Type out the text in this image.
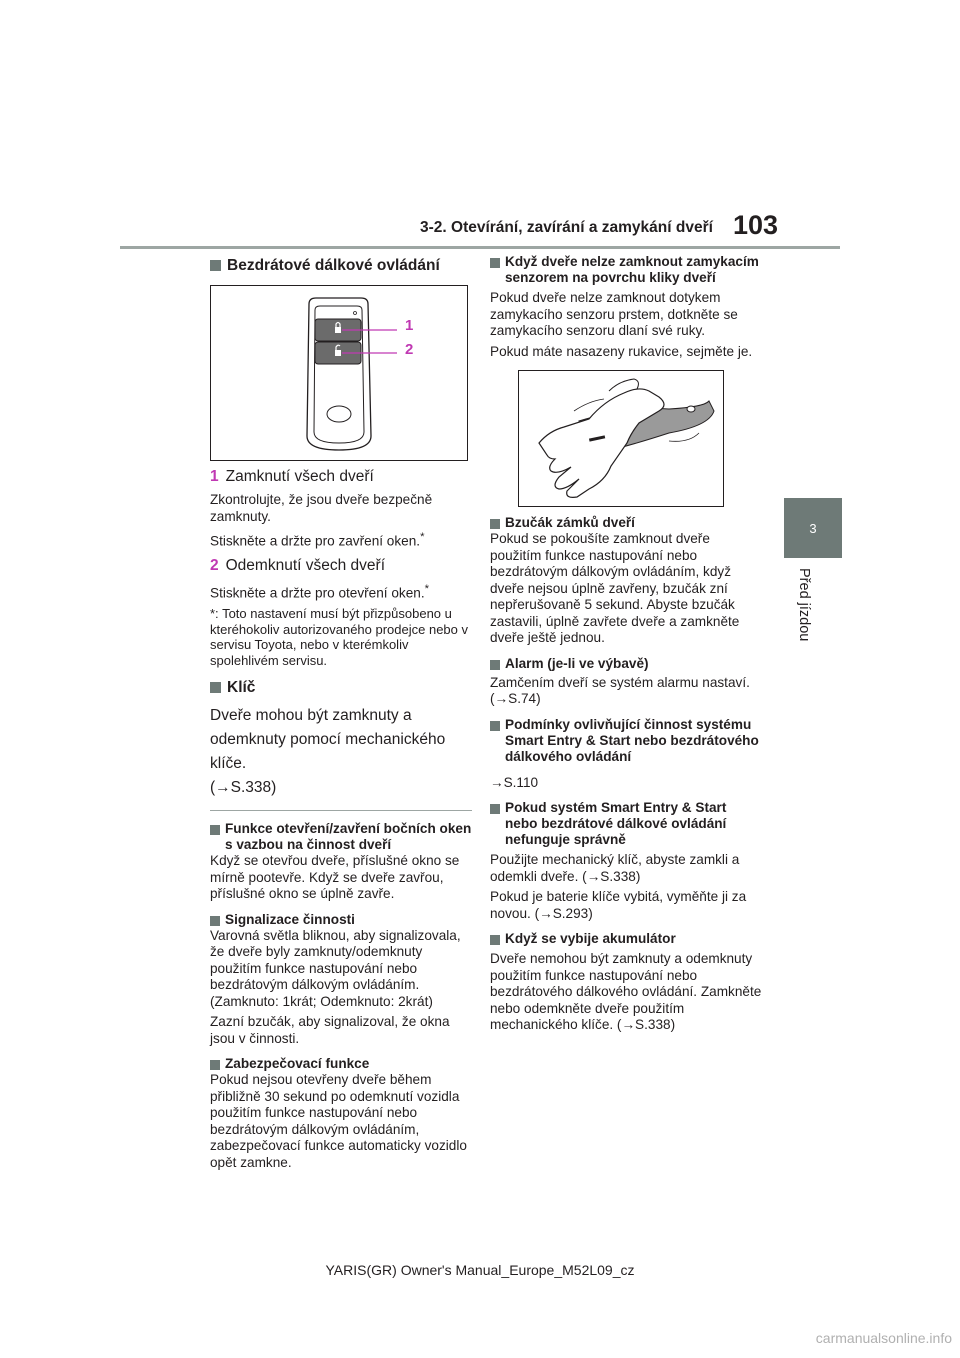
3-2. Otevírání, zavírání a zamykání dveří 103
3
Před jízdou
Bezdrátové dálkové ovládání
1
2
1 Zamknutí všech dveří

Zkontrolujte, že jsou dveře bezpečně zamknuty.

Stiskněte a držte pro zavření oken.*

2 Odemknutí všech dveří

Stiskněte a držte pro otevření oken.*

*: Toto nastavení musí být přizpůsobeno u kteréhokoliv autorizovaného prodejce nebo v servisu Toyota, nebo v kterémkoliv spolehlivém servisu.
Klíč
Dveře mohou být zamknuty a odemknuty pomocí mechanického klíče.
(→S.338)
Funkce otevření/zavření bočních oken s vazbou na činnost dveří

Když se otevřou dveře, příslušné okno se mírně pootevře. Když se dveře zavřou, příslušné okno se úplně zavře.

Signalizace činnosti

Varovná světla bliknou, aby signalizovala, že dveře byly zamknuty/odemknuty použitím funkce nastupování nebo bezdrátovým dálkovým ovládáním. (Zamknuto: 1krát; Odemknuto: 2krát)

Zazní bzučák, aby signalizoval, že okna jsou v činnosti.

Zabezpečovací funkce

Pokud nejsou otevřeny dveře během přibližně 30 sekund po odemknutí vozidla použitím funkce nastupování nebo bezdrátovým dálkovým ovládáním, zabezpečovací funkce automaticky vozidlo opět zamkne.

Když dveře nelze zamknout zamykacím senzorem na povrchu kliky dveří

Pokud dveře nelze zamknout dotykem zamykacího senzoru prstem, dotkněte se zamykacího senzoru dlaní své ruky.

Pokud máte nasazeny rukavice, sejměte je.

Bzučák zámků dveří

Pokud se pokoušíte zamknout dveře použitím funkce nastupování nebo bezdrátovým dálkovým ovládáním, když dveře nejsou úplně zavřeny, bzučák zní nepřerušovaně 5 sekund. Abyste bzučák zastavili, úplně zavřete dveře a zamkněte dveře ještě jednou.

Alarm (je-li ve výbavě)

Zamčením dveří se systém alarmu nastaví. (→S.74)

Podmínky ovlivňující činnost systému Smart Entry & Start nebo bezdrátového dálkového ovládání

→S.110

Pokud systém Smart Entry & Start nebo bezdrátové dálkové ovládání nefunguje správně

Použijte mechanický klíč, abyste zamkli a odemkli dveře. (→S.338)

Pokud je baterie klíče vybitá, vyměňte ji za novou. (→S.293)

Když se vybije akumulátor

Dveře nemohou být zamknuty a odemknuty použitím funkce nastupování nebo bezdrátového dálkového ovládání. Zamkněte nebo odemkněte dveře použitím mechanického klíče. (→S.338)

YARIS(GR) Owner's Manual_Europe_M52L09_cz
carmanualsonline.info
